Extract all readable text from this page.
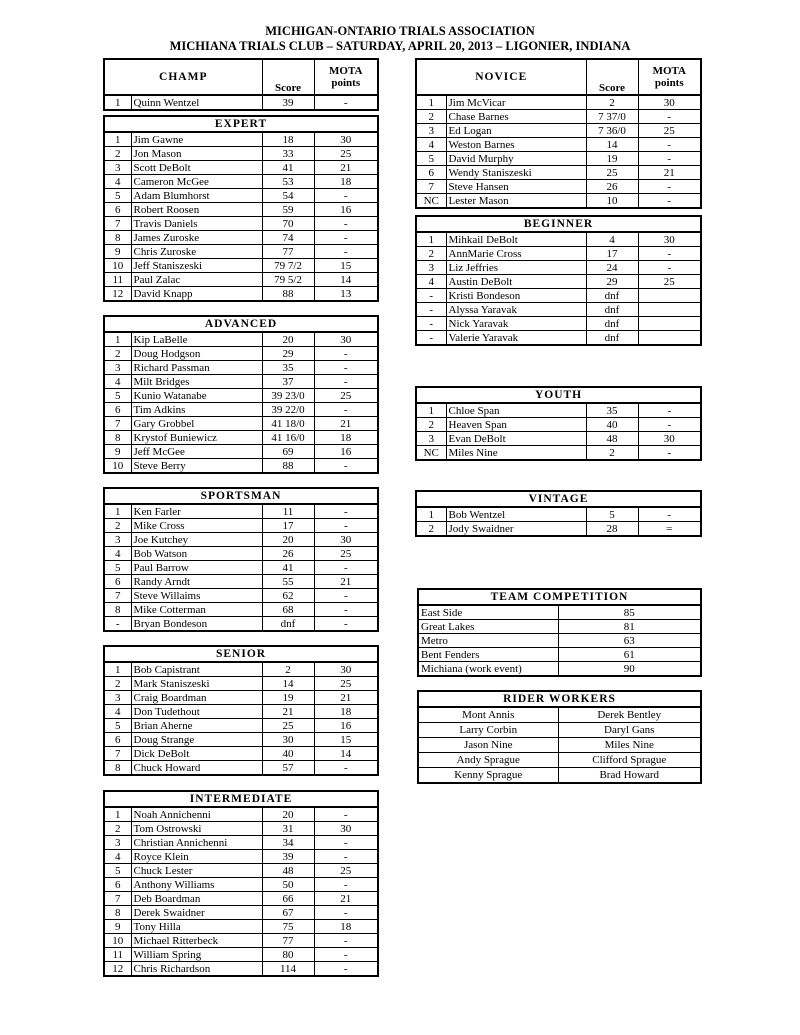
MICHIGAN-ONTARIO TRIALS ASSOCIATION
MICHIANA TRIALS CLUB – SATURDAY, APRIL 20, 2013 – LIGONIER, INDIANA
CHAMP		Score	MOTA
points
1	Quinn Wentzel	39	-
EXPERT			
1	Jim Gawne	18	30
2	Jon Mason	33	25
3	Scott DeBolt	41	21
4	Cameron McGee	53	18
5	Adam Blumhorst	54	-
6	Robert Roosen	59	16
7	Travis Daniels	70	-
8	James Zuroske	74	-
9	Chris Zuroske	77	-
10	Jeff Staniszeski	79 7/2	15
11	Paul Zalac	79 5/2	14
12	David Knapp	88	13
ADVANCED			
1	Kip LaBelle	20	30
2	Doug Hodgson	29	-
3	Richard Passman	35	-
4	Milt Bridges	37	-
5	Kunio Watanabe	39 23/0	25
6	Tim Adkins	39 22/0	-
7	Gary Grobbel	41 18/0	21
8	Krystof Buniewicz	41 16/0	18
9	Jeff McGee	69	16
10	Steve Berry	88	-
SPORTSMAN			
1	Ken Farler	11	-
2	Mike Cross	17	-
3	Joe Kutchey	20	30
4	Bob Watson	26	25
5	Paul Barrow	41	-
6	Randy Arndt	55	21
7	Steve Willaims	62	-
8	Mike Cotterman	68	-
-	Bryan Bondeson	dnf	-
SENIOR			
1	Bob Capistrant	2	30
2	Mark Staniszeski	14	25
3	Craig Boardman	19	21
4	Don Tudethout	21	18
5	Brian Aherne	25	16
6	Doug Strange	30	15
7	Dick DeBolt	40	14
8	Chuck Howard	57	-
INTERMEDIATE			
1	Noah Annichenni	20	-
2	Tom Ostrowski	31	30
3	Christian Annichenni	34	-
4	Royce Klein	39	-
5	Chuck Lester	48	25
6	Anthony Williams	50	-
7	Deb Boardman	66	21
8	Derek Swaidner	67	-
9	Tony Hilla	75	18
10	Michael Ritterbeck	77	-
11	William Spring	80	-
12	Chris Richardson	114	-
NOVICE		Score	MOTA
points
1	Jim McVicar	2	30
2	Chase Barnes	7 37/0	-
3	Ed Logan	7 36/0	25
4	Weston Barnes	14	-
5	David Murphy	19	-
6	Wendy Staniszeski	25	21
7	Steve Hansen	26	-
NC	Lester Mason	10	-
BEGINNER			
1	Mihkail DeBolt	4	30
2	AnnMarie Cross	17	-
3	Liz Jeffries	24	-
4	Austin DeBolt	29	25
-	Kristi Bondeson	dnf	
-	Alyssa Yaravak	dnf	
-	Nick Yaravak	dnf	
-	Valerie Yaravak	dnf	
YOUTH			
1	Chloe Span	35	-
2	Heaven Span	40	-
3	Evan DeBolt	48	30
NC	Miles Nine	2	-
VINTAGE			
1	Bob Wentzel	5	-
2	Jody Swaidner	28	=
TEAM COMPETITION	
East Side	85
Great Lakes	81
Metro	63
Bent Fenders	61
Michiana (work event)	90
RIDER WORKERS	
Mont Annis	Derek Bentley
Larry Corbin	Daryl Gans
Jason Nine	Miles Nine
Andy Sprague	Clifford Sprague
Kenny Sprague	Brad Howard
